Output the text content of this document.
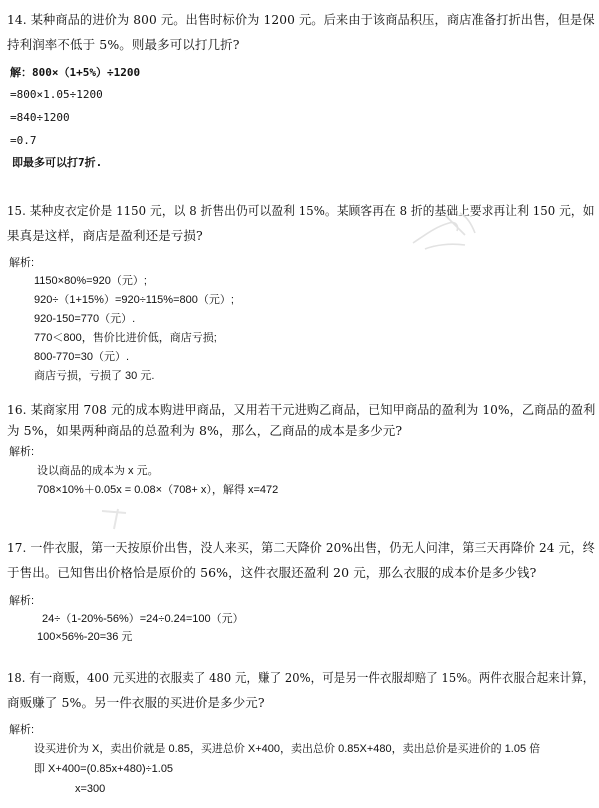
14. 某种商品的进价为 800 元。出售时标价为 1200 元。后来由于该商品积压，商店准备打折出售，但是保
持利润率不低于 5%。则最多可以打几折?
解：800×（1+5%）÷1200
=800×1.05÷1200
=840÷1200
=0.7
即最多可以打7折.
15. 某种皮衣定价是 1150 元，以 8 折售出仍可以盈利 15%。某顾客再在 8 折的基础上要求再让利 150 元，如
果真是这样，商店是盈利还是亏损?
解析:
1150×80%=920（元）;
920÷（1+15%）=920÷115%=800（元）;
920-150=770（元）.
770＜800，售价比进价低，商店亏损;
800-770=30（元）.
商店亏损，亏损了 30 元.
16. 某商家用 708 元的成本购进甲商品，又用若干元进购乙商品，已知甲商品的盈利为 10%，乙商品的盈利
为 5%，如果两种商品的总盈利为 8%，那么，乙商品的成本是多少元?
解析:
设以商品的成本为 x 元。
708×10%＋0.05x = 0.08×（708+ x），解得 x=472
17. 一件衣服，第一天按原价出售，没人来买，第二天降价 20%出售，仍无人问津，第三天再降价 24 元，终
于售出。已知售出价格恰是原价的 56%，这件衣服还盈利 20 元，那么衣服的成本价是多少钱?
解析:
24÷（1-20%-56%）=24÷0.24=100（元）
100×56%-20=36 元
18. 有一商贩，400 元买进的衣服卖了 480 元，赚了 20%，可是另一件衣服却赔了 15%。两件衣服合起来计算，
商贩赚了 5%。另一件衣服的买进价是多少元?
解析:
设买进价为 X，卖出价就是 0.85，买进总价 X+400，卖出总价 0.85X+480，卖出总价是买进价的 1.05 倍
即 X+400=(0.85x+480)÷1.05
x=300
